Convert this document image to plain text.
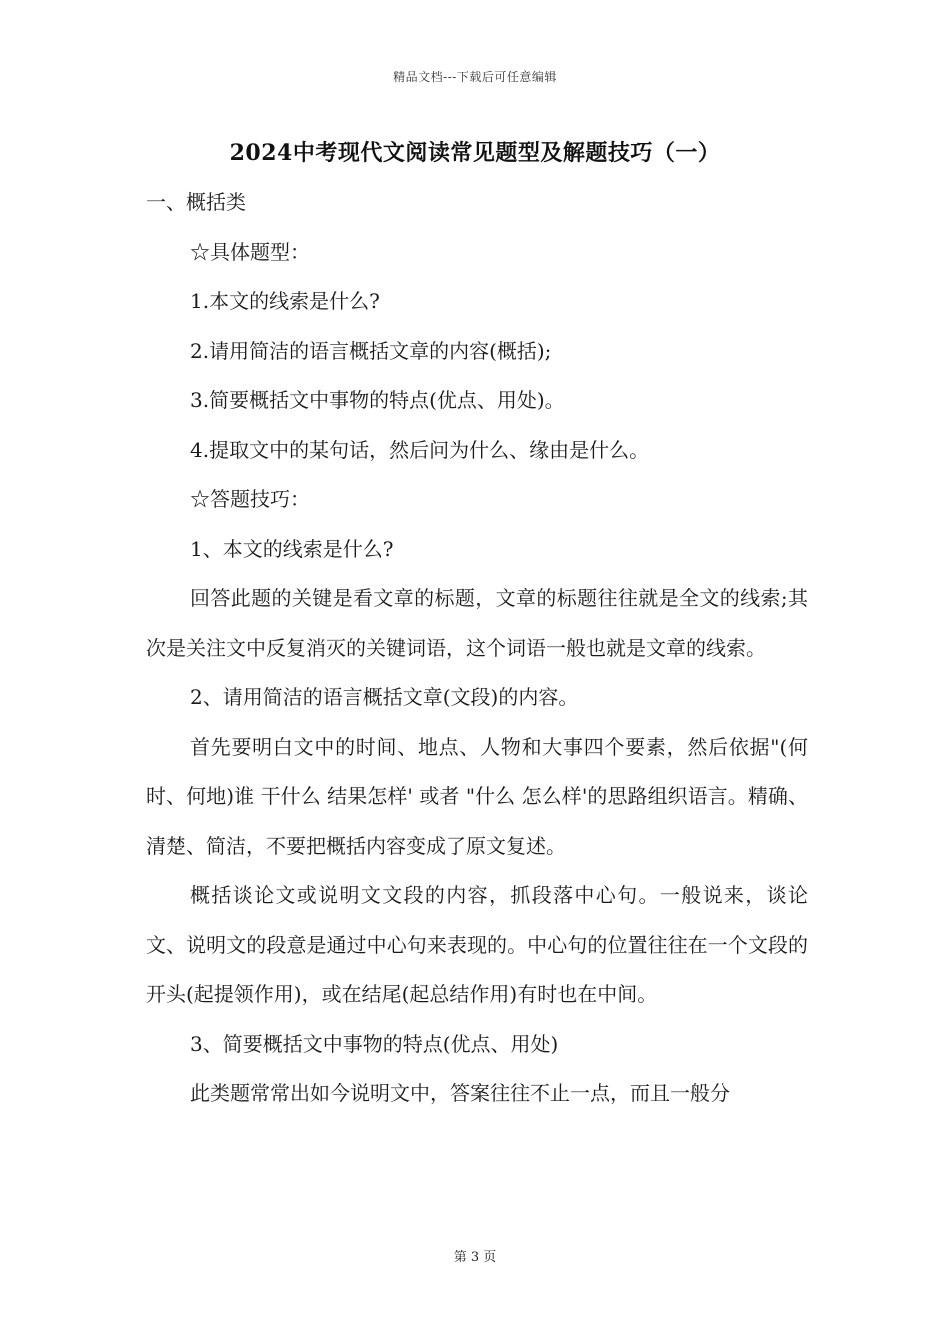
精品文档---下载后可任意编辑
2024中考现代文阅读常见题型及解题技巧（一）

一、概括类

☆具体题型：

1.本文的线索是什么?

2.请用简洁的语言概括文章的内容(概括);

3.简要概括文中事物的特点(优点、用处)。

4.提取文中的某句话，然后问为什么、缘由是什么。

☆答题技巧：

1、本文的线索是什么?

回答此题的关键是看文章的标题，文章的标题往往就是全文的线索;其次是关注文中反复消灭的关键词语，这个词语一般也就是文章的线索。

2、请用简洁的语言概括文章(文段)的内容。

首先要明白文中的时间、地点、人物和大事四个要素，然后依据"(何时、何地)谁 干什么 结果怎样' 或者 "什么 怎么样'的思路组织语言。精确、清楚、简洁，不要把概括内容变成了原文复述。

概括谈论文或说明文文段的内容，抓段落中心句。一般说来，谈论文、说明文的段意是通过中心句来表现的。中心句的位置往往在一个文段的开头(起提领作用)，或在结尾(起总结作用)有时也在中间。

3、简要概括文中事物的特点(优点、用处)

此类题常常出如今说明文中，答案往往不止一点，而且一般分

第 3 页
